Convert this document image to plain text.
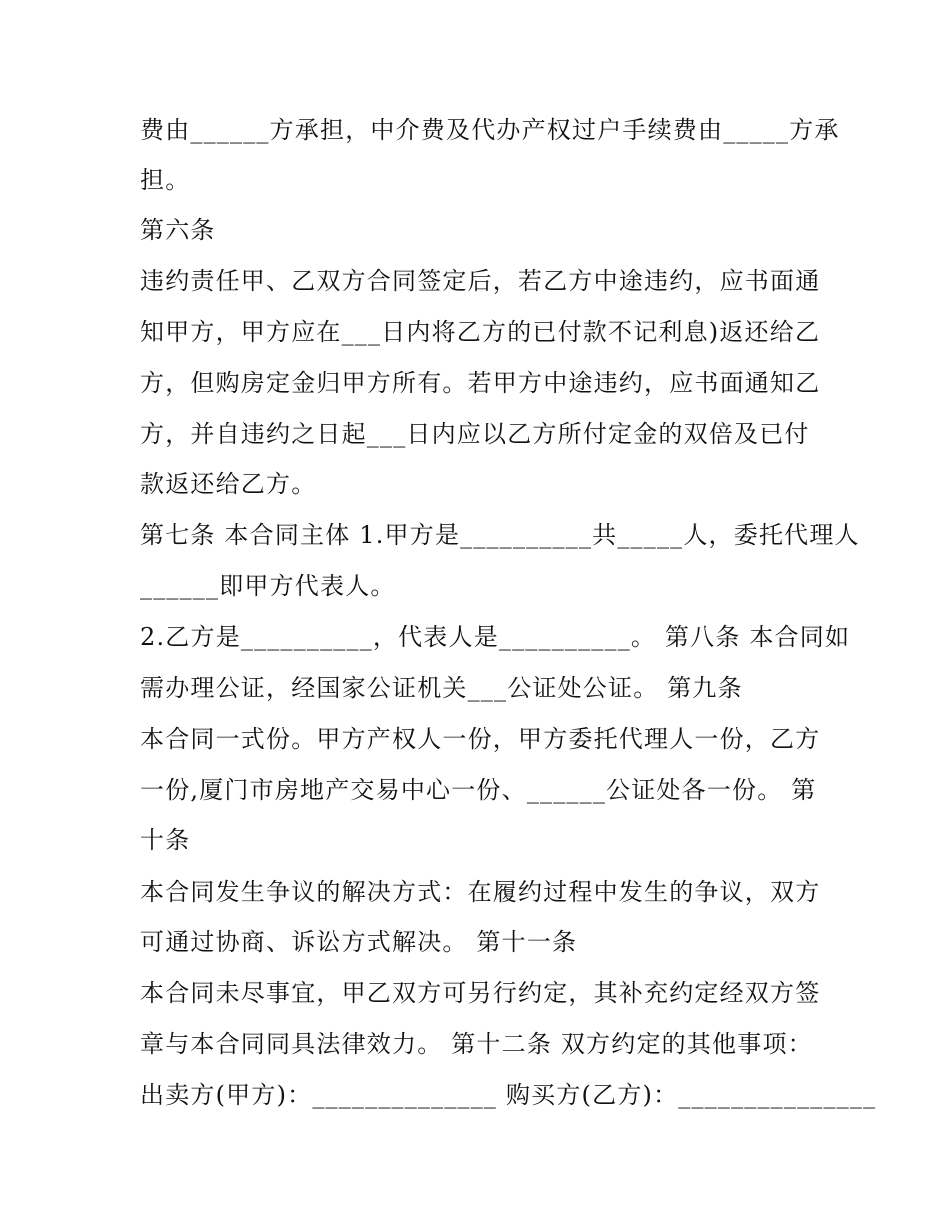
费由______方承担，中介费及代办产权过户手续费由_____方承
担。
第六条
违约责任甲、乙双方合同签定后，若乙方中途违约，应书面通
知甲方，甲方应在___日内将乙方的已付款不记利息)返还给乙
方，但购房定金归甲方所有。若甲方中途违约，应书面通知乙
方，并自违约之日起___日内应以乙方所付定金的双倍及已付
款返还给乙方。
第七条 本合同主体 1.甲方是__________共_____人，委托代理人
______即甲方代表人。
2.乙方是__________，代表人是__________。 第八条 本合同如
需办理公证，经国家公证机关___公证处公证。 第九条
本合同一式份。甲方产权人一份，甲方委托代理人一份，乙方
一份,厦门市房地产交易中心一份、______公证处各一份。 第
十条
本合同发生争议的解决方式：在履约过程中发生的争议，双方
可通过协商、诉讼方式解决。 第十一条
本合同未尽事宜，甲乙双方可另行约定，其补充约定经双方签
章与本合同同具法律效力。 第十二条 双方约定的其他事项：
出卖方(甲方)：______________ 购买方(乙方)：_______________
